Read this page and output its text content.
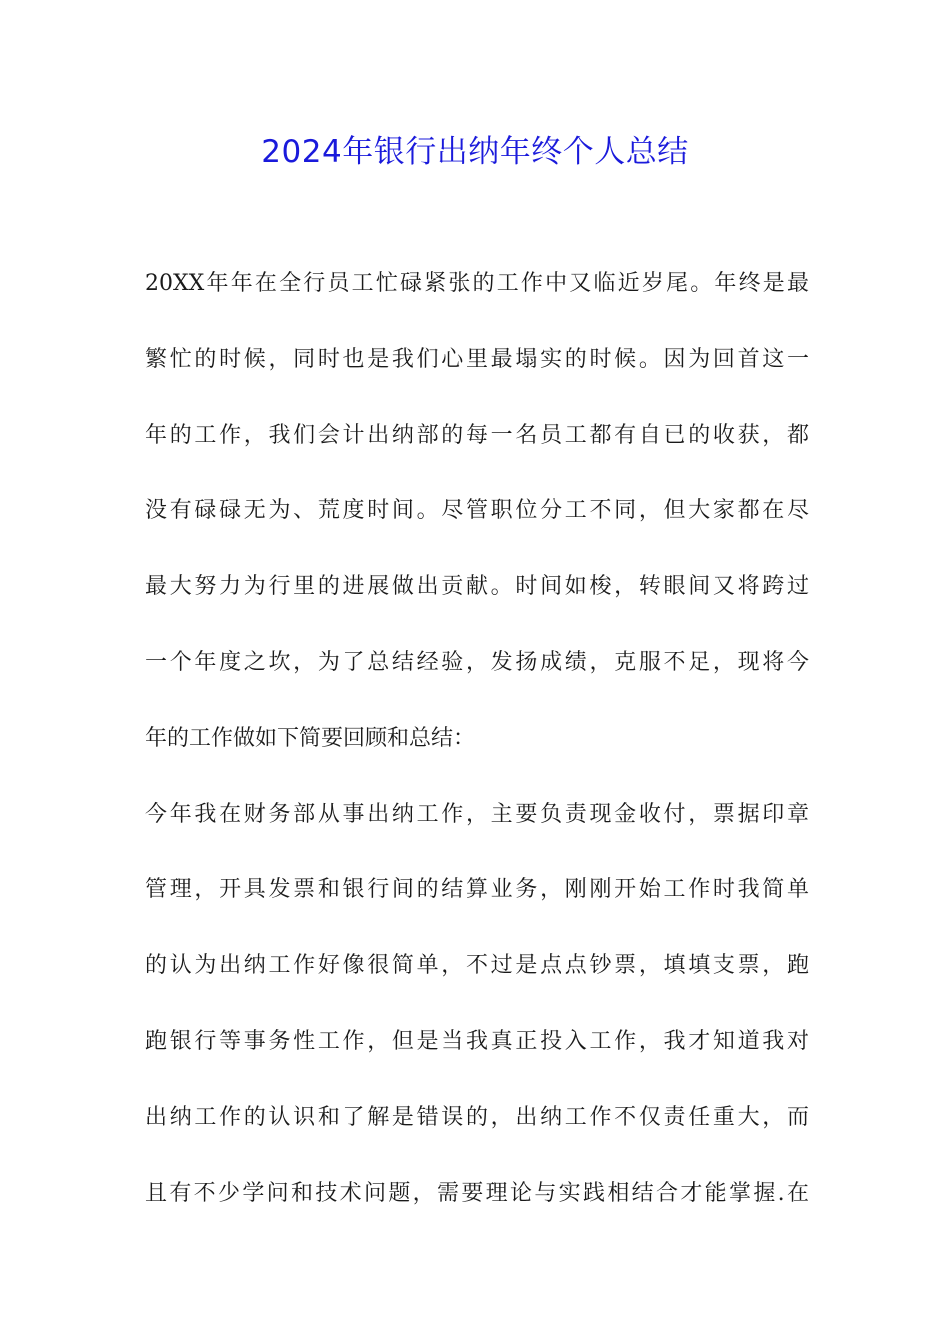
2024年银行出纳年终个人总结
20XX年年在全行员工忙碌紧张的工作中又临近岁尾。年终是最
繁忙的时候，同时也是我们心里最塌实的时候。因为回首这一
年的工作，我们会计出纳部的每一名员工都有自已的收获，都
没有碌碌无为、荒度时间。尽管职位分工不同，但大家都在尽
最大努力为行里的进展做出贡献。时间如梭，转眼间又将跨过
一个年度之坎，为了总结经验，发扬成绩，克服不足，现将今
年的工作做如下简要回顾和总结：
今年我在财务部从事出纳工作，主要负责现金收付，票据印章
管理，开具发票和银行间的结算业务，刚刚开始工作时我简单
的认为出纳工作好像很简单，不过是点点钞票，填填支票，跑
跑银行等事务性工作，但是当我真正投入工作，我才知道我对
出纳工作的认识和了解是错误的，出纳工作不仅责任重大，而
且有不少学问和技术问题，需要理论与实践相结合才能掌握.在
